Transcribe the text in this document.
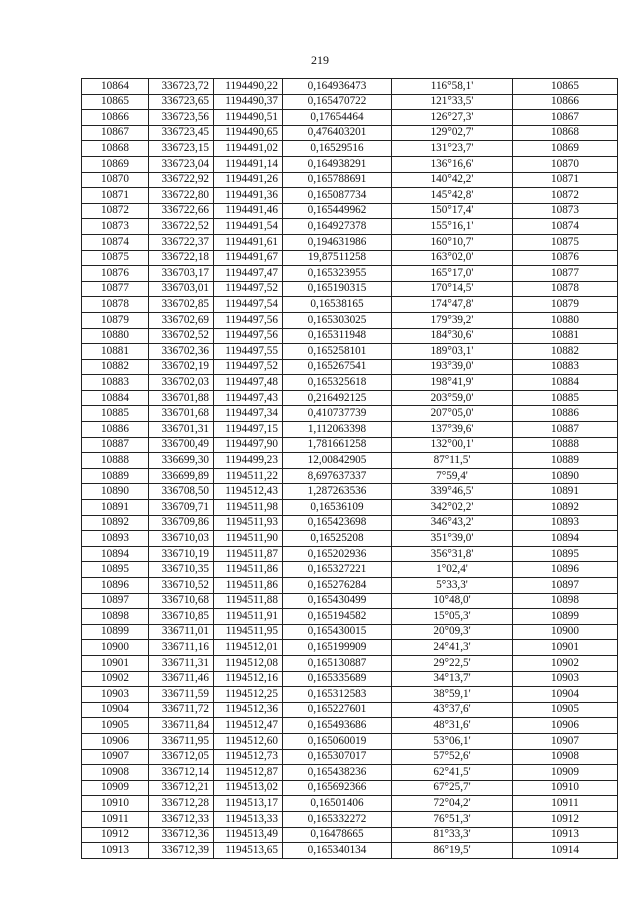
219
10864	336723,72	1194490,22	0,164936473	116°58,1'	10865
10865	336723,65	1194490,37	0,165470722	121°33,5'	10866
10866	336723,56	1194490,51	0,17654464	126°27,3'	10867
10867	336723,45	1194490,65	0,476403201	129°02,7'	10868
10868	336723,15	1194491,02	0,16529516	131°23,7'	10869
10869	336723,04	1194491,14	0,164938291	136°16,6'	10870
10870	336722,92	1194491,26	0,165788691	140°42,2'	10871
10871	336722,80	1194491,36	0,165087734	145°42,8'	10872
10872	336722,66	1194491,46	0,165449962	150°17,4'	10873
10873	336722,52	1194491,54	0,164927378	155°16,1'	10874
10874	336722,37	1194491,61	0,194631986	160°10,7'	10875
10875	336722,18	1194491,67	19,87511258	163°02,0'	10876
10876	336703,17	1194497,47	0,165323955	165°17,0'	10877
10877	336703,01	1194497,52	0,165190315	170°14,5'	10878
10878	336702,85	1194497,54	0,16538165	174°47,8'	10879
10879	336702,69	1194497,56	0,165303025	179°39,2'	10880
10880	336702,52	1194497,56	0,165311948	184°30,6'	10881
10881	336702,36	1194497,55	0,165258101	189°03,1'	10882
10882	336702,19	1194497,52	0,165267541	193°39,0'	10883
10883	336702,03	1194497,48	0,165325618	198°41,9'	10884
10884	336701,88	1194497,43	0,216492125	203°59,0'	10885
10885	336701,68	1194497,34	0,410737739	207°05,0'	10886
10886	336701,31	1194497,15	1,112063398	137°39,6'	10887
10887	336700,49	1194497,90	1,781661258	132°00,1'	10888
10888	336699,30	1194499,23	12,00842905	87°11,5'	10889
10889	336699,89	1194511,22	8,697637337	7°59,4'	10890
10890	336708,50	1194512,43	1,287263536	339°46,5'	10891
10891	336709,71	1194511,98	0,16536109	342°02,2'	10892
10892	336709,86	1194511,93	0,165423698	346°43,2'	10893
10893	336710,03	1194511,90	0,16525208	351°39,0'	10894
10894	336710,19	1194511,87	0,165202936	356°31,8'	10895
10895	336710,35	1194511,86	0,165327221	1°02,4'	10896
10896	336710,52	1194511,86	0,165276284	5°33,3'	10897
10897	336710,68	1194511,88	0,165430499	10°48,0'	10898
10898	336710,85	1194511,91	0,165194582	15°05,3'	10899
10899	336711,01	1194511,95	0,165430015	20°09,3'	10900
10900	336711,16	1194512,01	0,165199909	24°41,3'	10901
10901	336711,31	1194512,08	0,165130887	29°22,5'	10902
10902	336711,46	1194512,16	0,165335689	34°13,7'	10903
10903	336711,59	1194512,25	0,165312583	38°59,1'	10904
10904	336711,72	1194512,36	0,165227601	43°37,6'	10905
10905	336711,84	1194512,47	0,165493686	48°31,6'	10906
10906	336711,95	1194512,60	0,165060019	53°06,1'	10907
10907	336712,05	1194512,73	0,165307017	57°52,6'	10908
10908	336712,14	1194512,87	0,165438236	62°41,5'	10909
10909	336712,21	1194513,02	0,165692366	67°25,7'	10910
10910	336712,28	1194513,17	0,16501406	72°04,2'	10911
10911	336712,33	1194513,33	0,165332272	76°51,3'	10912
10912	336712,36	1194513,49	0,16478665	81°33,3'	10913
10913	336712,39	1194513,65	0,165340134	86°19,5'	10914
